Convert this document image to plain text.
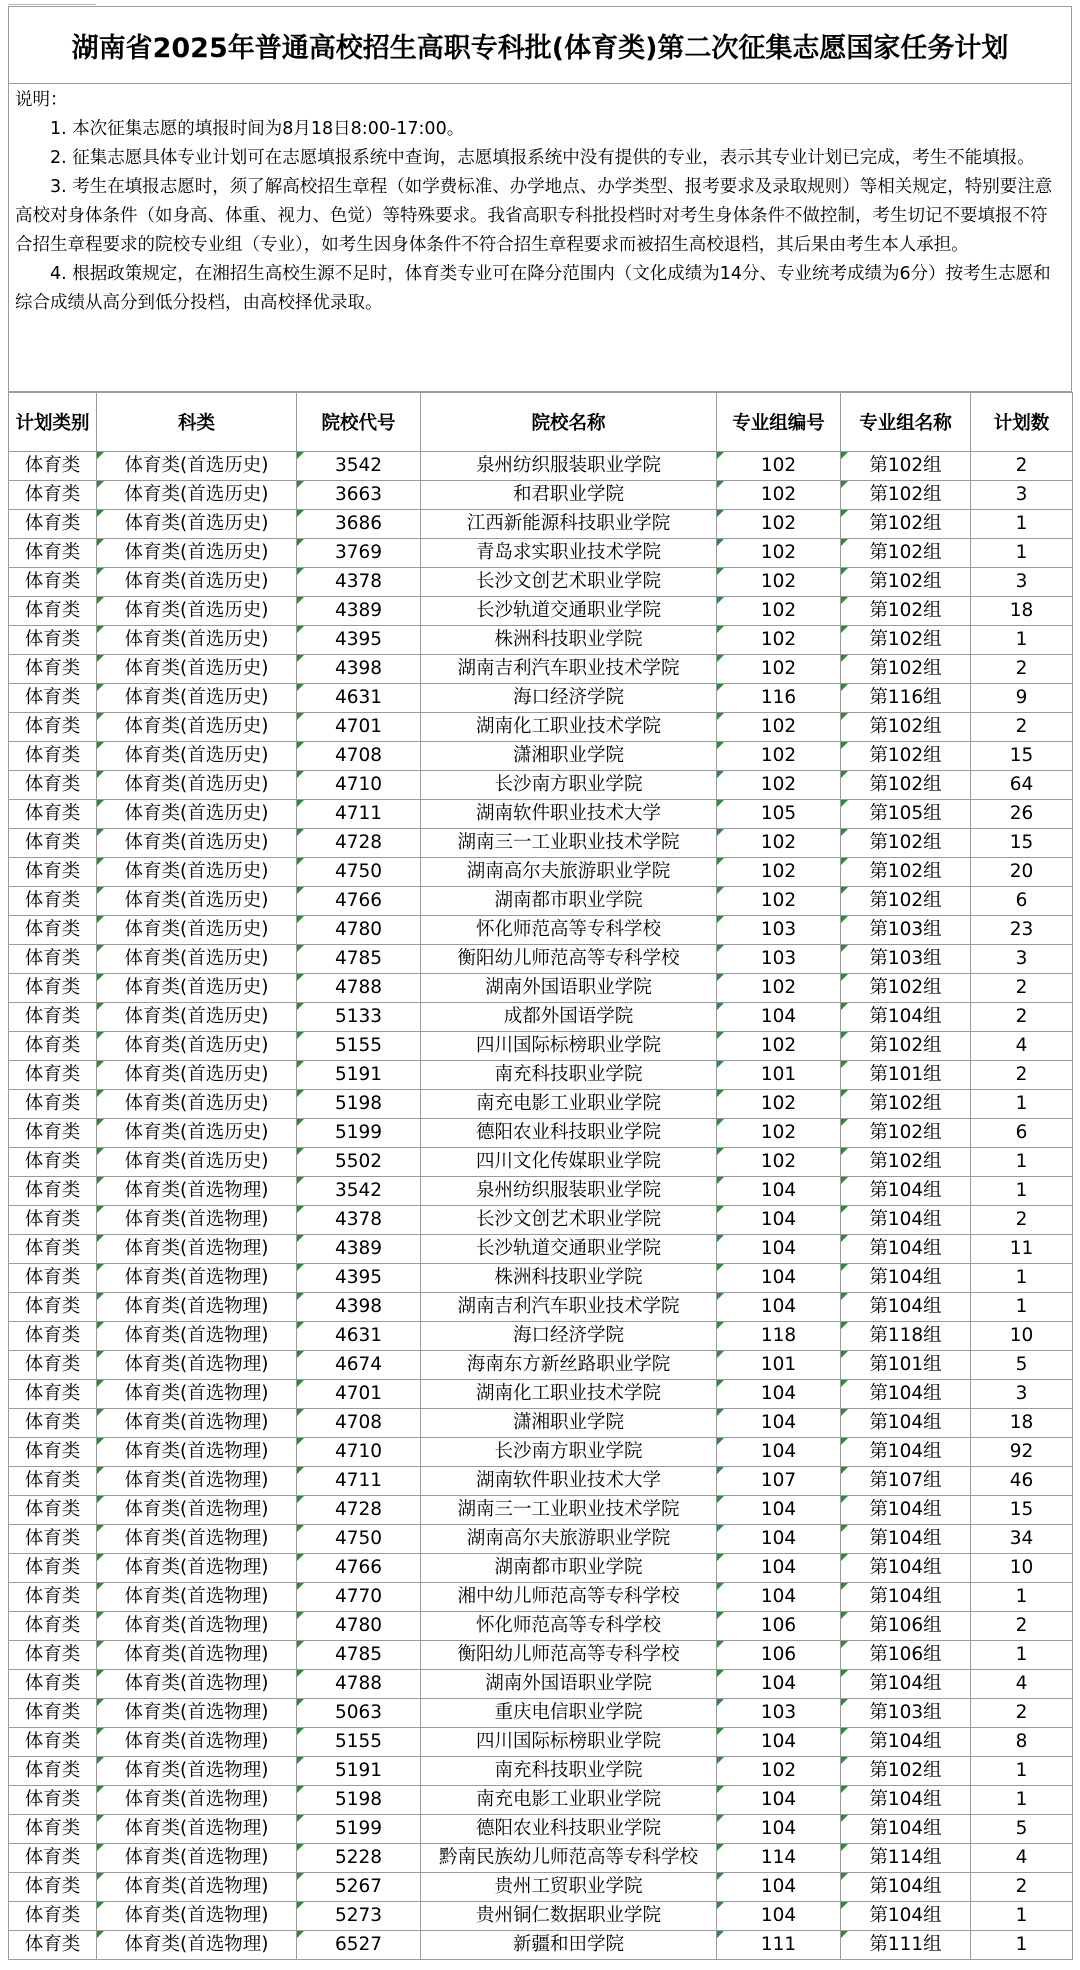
湖南省2025年普通高校招生高职专科批(体育类)第二次征集志愿国家任务计划

说明：

1. 本次征集志愿的填报时间为8月18日8:00-17:00。

2. 征集志愿具体专业计划可在志愿填报系统中查询，志愿填报系统中没有提供的专业，表示其专业计划已完成，考生不能填报。

3. 考生在填报志愿时，须了解高校招生章程（如学费标准、办学地点、办学类型、报考要求及录取规则）等相关规定，特别要注意高校对身体条件（如身高、体重、视力、色觉）等特殊要求。我省高职专科批投档时对考生身体条件不做控制，考生切记不要填报不符合招生章程要求的院校专业组（专业），如考生因身体条件不符合招生章程要求而被招生高校退档，其后果由考生本人承担。

4. 根据政策规定，在湘招生高校生源不足时，体育类专业可在降分范围内（文化成绩为14分、专业统考成绩为6分）按考生志愿和综合成绩从高分到低分投档，由高校择优录取。

计划类别	科类	院校代号	院校名称	专业组编号	专业组名称	计划数
体育类	体育类(首选历史)	3542	泉州纺织服装职业学院	102	第102组	2
体育类	体育类(首选历史)	3663	和君职业学院	102	第102组	3
体育类	体育类(首选历史)	3686	江西新能源科技职业学院	102	第102组	1
体育类	体育类(首选历史)	3769	青岛求实职业技术学院	102	第102组	1
体育类	体育类(首选历史)	4378	长沙文创艺术职业学院	102	第102组	3
体育类	体育类(首选历史)	4389	长沙轨道交通职业学院	102	第102组	18
体育类	体育类(首选历史)	4395	株洲科技职业学院	102	第102组	1
体育类	体育类(首选历史)	4398	湖南吉利汽车职业技术学院	102	第102组	2
体育类	体育类(首选历史)	4631	海口经济学院	116	第116组	9
体育类	体育类(首选历史)	4701	湖南化工职业技术学院	102	第102组	2
体育类	体育类(首选历史)	4708	潇湘职业学院	102	第102组	15
体育类	体育类(首选历史)	4710	长沙南方职业学院	102	第102组	64
体育类	体育类(首选历史)	4711	湖南软件职业技术大学	105	第105组	26
体育类	体育类(首选历史)	4728	湖南三一工业职业技术学院	102	第102组	15
体育类	体育类(首选历史)	4750	湖南高尔夫旅游职业学院	102	第102组	20
体育类	体育类(首选历史)	4766	湖南都市职业学院	102	第102组	6
体育类	体育类(首选历史)	4780	怀化师范高等专科学校	103	第103组	23
体育类	体育类(首选历史)	4785	衡阳幼儿师范高等专科学校	103	第103组	3
体育类	体育类(首选历史)	4788	湖南外国语职业学院	102	第102组	2
体育类	体育类(首选历史)	5133	成都外国语学院	104	第104组	2
体育类	体育类(首选历史)	5155	四川国际标榜职业学院	102	第102组	4
体育类	体育类(首选历史)	5191	南充科技职业学院	101	第101组	2
体育类	体育类(首选历史)	5198	南充电影工业职业学院	102	第102组	1
体育类	体育类(首选历史)	5199	德阳农业科技职业学院	102	第102组	6
体育类	体育类(首选历史)	5502	四川文化传媒职业学院	102	第102组	1
体育类	体育类(首选物理)	3542	泉州纺织服装职业学院	104	第104组	1
体育类	体育类(首选物理)	4378	长沙文创艺术职业学院	104	第104组	2
体育类	体育类(首选物理)	4389	长沙轨道交通职业学院	104	第104组	11
体育类	体育类(首选物理)	4395	株洲科技职业学院	104	第104组	1
体育类	体育类(首选物理)	4398	湖南吉利汽车职业技术学院	104	第104组	1
体育类	体育类(首选物理)	4631	海口经济学院	118	第118组	10
体育类	体育类(首选物理)	4674	海南东方新丝路职业学院	101	第101组	5
体育类	体育类(首选物理)	4701	湖南化工职业技术学院	104	第104组	3
体育类	体育类(首选物理)	4708	潇湘职业学院	104	第104组	18
体育类	体育类(首选物理)	4710	长沙南方职业学院	104	第104组	92
体育类	体育类(首选物理)	4711	湖南软件职业技术大学	107	第107组	46
体育类	体育类(首选物理)	4728	湖南三一工业职业技术学院	104	第104组	15
体育类	体育类(首选物理)	4750	湖南高尔夫旅游职业学院	104	第104组	34
体育类	体育类(首选物理)	4766	湖南都市职业学院	104	第104组	10
体育类	体育类(首选物理)	4770	湘中幼儿师范高等专科学校	104	第104组	1
体育类	体育类(首选物理)	4780	怀化师范高等专科学校	106	第106组	2
体育类	体育类(首选物理)	4785	衡阳幼儿师范高等专科学校	106	第106组	1
体育类	体育类(首选物理)	4788	湖南外国语职业学院	104	第104组	4
体育类	体育类(首选物理)	5063	重庆电信职业学院	103	第103组	2
体育类	体育类(首选物理)	5155	四川国际标榜职业学院	104	第104组	8
体育类	体育类(首选物理)	5191	南充科技职业学院	102	第102组	1
体育类	体育类(首选物理)	5198	南充电影工业职业学院	104	第104组	1
体育类	体育类(首选物理)	5199	德阳农业科技职业学院	104	第104组	5
体育类	体育类(首选物理)	5228	黔南民族幼儿师范高等专科学校	114	第114组	4
体育类	体育类(首选物理)	5267	贵州工贸职业学院	104	第104组	2
体育类	体育类(首选物理)	5273	贵州铜仁数据职业学院	104	第104组	1
体育类	体育类(首选物理)	6527	新疆和田学院	111	第111组	1
